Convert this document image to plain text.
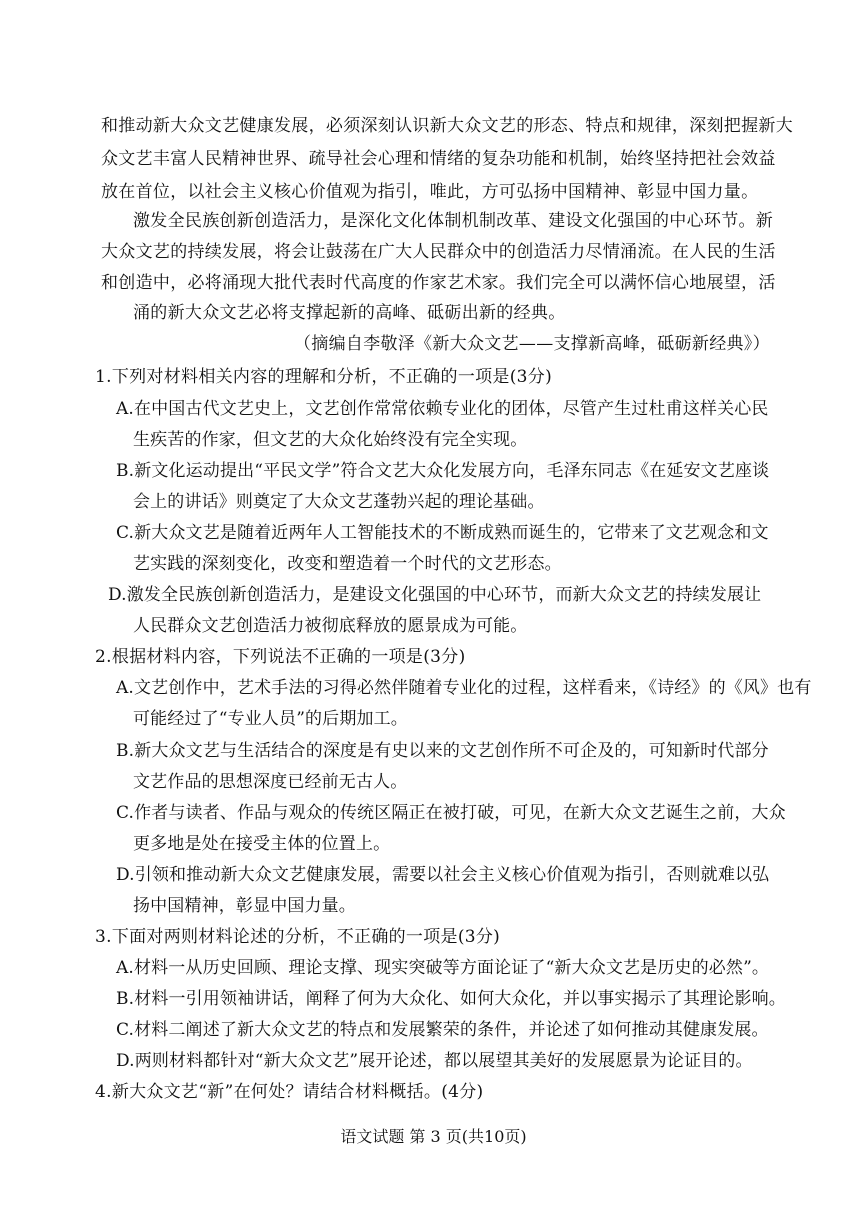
和推动新大众文艺健康发展，必须深刻认识新大众文艺的形态、特点和规律，深刻把握新大
众文艺丰富人民精神世界、疏导社会心理和情绪的复杂功能和机制，始终坚持把社会效益
放在首位，以社会主义核心价值观为指引，唯此，方可弘扬中国精神、彰显中国力量。
激发全民族创新创造活力，是深化文化体制机制改革、建设文化强国的中心环节。新
大众文艺的持续发展，将会让鼓荡在广大人民群众中的创造活力尽情涌流。在人民的生活
和创造中，必将涌现大批代表时代高度的作家艺术家。我们完全可以满怀信心地展望，活
涌的新大众文艺必将支撑起新的高峰、砥砺出新的经典。
（摘编自李敬泽《新大众文艺——支撑新高峰，砥砺新经典》）
1.下列对材料相关内容的理解和分析，不正确的一项是(3分)
A.在中国古代文艺史上，文艺创作常常依赖专业化的团体，尽管产生过杜甫这样关心民
生疾苦的作家，但文艺的大众化始终没有完全实现。
B.新文化运动提出“平民文学”符合文艺大众化发展方向，毛泽东同志《在延安文艺座谈
会上的讲话》则奠定了大众文艺蓬勃兴起的理论基础。
C.新大众文艺是随着近两年人工智能技术的不断成熟而诞生的，它带来了文艺观念和文
艺实践的深刻变化，改变和塑造着一个时代的文艺形态。
D.激发全民族创新创造活力，是建设文化强国的中心环节，而新大众文艺的持续发展让
人民群众文艺创造活力被彻底释放的愿景成为可能。
2.根据材料内容，下列说法不正确的一项是(3分)
A.文艺创作中，艺术手法的习得必然伴随着专业化的过程，这样看来，《诗经》的《风》也有
可能经过了“专业人员”的后期加工。
B.新大众文艺与生活结合的深度是有史以来的文艺创作所不可企及的，可知新时代部分
文艺作品的思想深度已经前无古人。
C.作者与读者、作品与观众的传统区隔正在被打破，可见，在新大众文艺诞生之前，大众
更多地是处在接受主体的位置上。
D.引领和推动新大众文艺健康发展，需要以社会主义核心价值观为指引，否则就难以弘
扬中国精神，彰显中国力量。
3.下面对两则材料论述的分析，不正确的一项是(3分)
A.材料一从历史回顾、理论支撑、现实突破等方面论证了“新大众文艺是历史的必然”。
B.材料一引用领袖讲话，阐释了何为大众化、如何大众化，并以事实揭示了其理论影响。
C.材料二阐述了新大众文艺的特点和发展繁荣的条件，并论述了如何推动其健康发展。
D.两则材料都针对“新大众文艺”展开论述，都以展望其美好的发展愿景为论证目的。
4.新大众文艺“新”在何处？请结合材料概括。(4分)
语文试题 第 3 页(共10页)
